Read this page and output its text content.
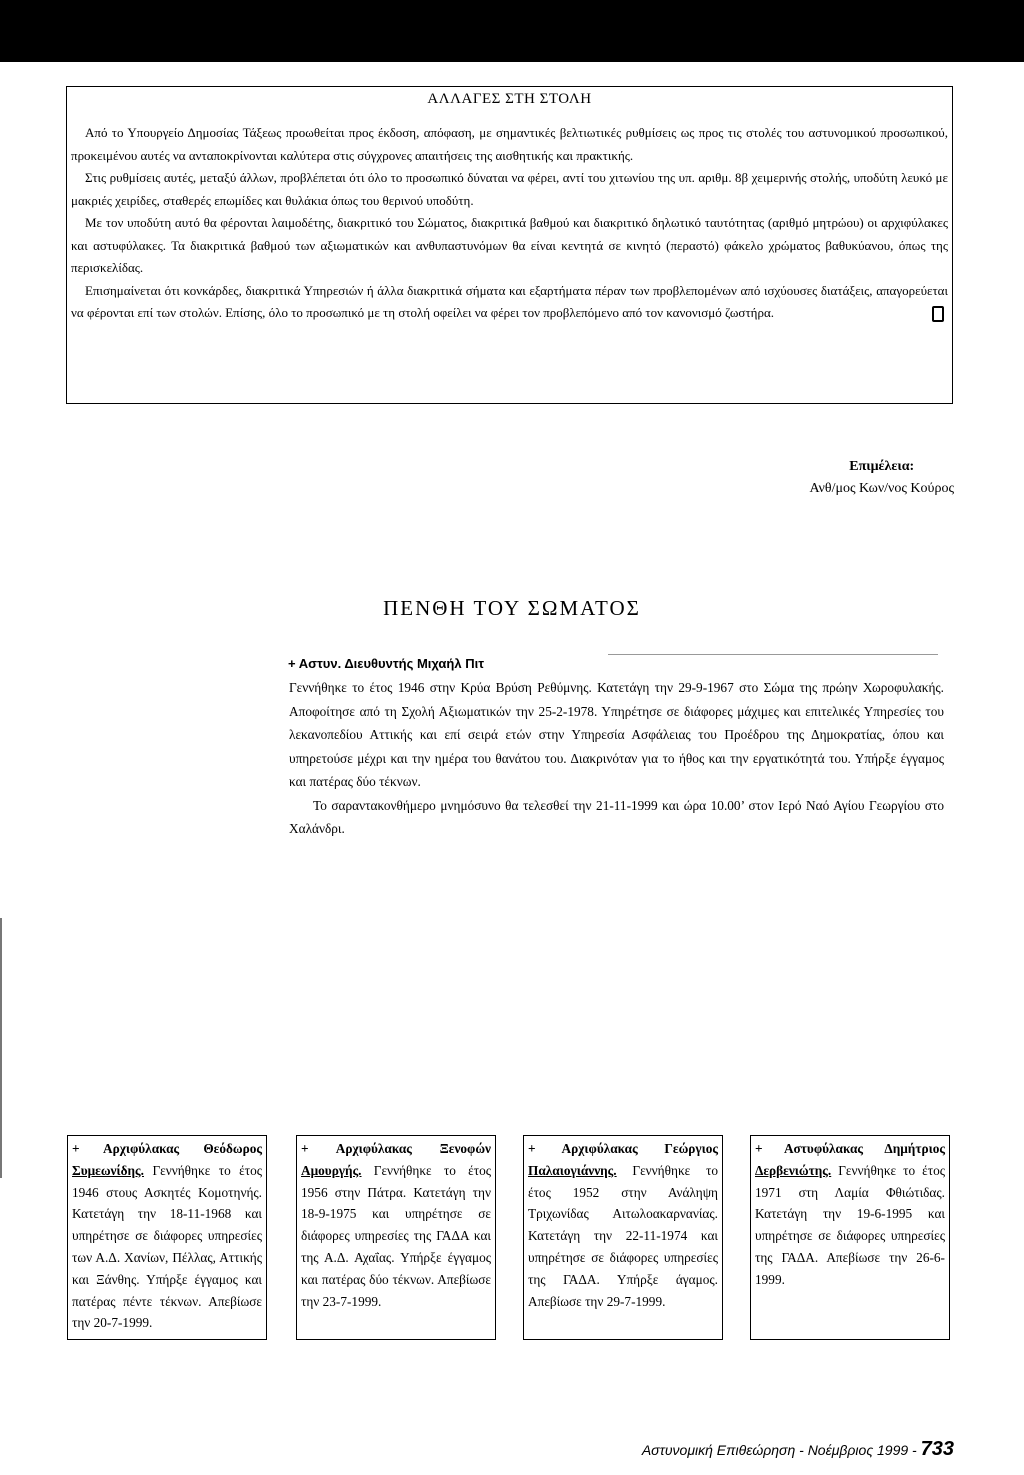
ΑΛΛΑΓΕΣ ΣΤΗ ΣΤΟΛΗ

Από το Υπουργείο Δημοσίας Τάξεως προωθείται προς έκδοση, απόφαση, με σημαντικές βελτιωτικές ρυθμίσεις ως προς τις στολές του αστυνομικού προσωπικού, προκειμένου αυτές να ανταποκρίνονται καλύτερα στις σύγχρονες απαιτήσεις της αισθητικής και πρακτικής.

Στις ρυθμίσεις αυτές, μεταξύ άλλων, προβλέπεται ότι όλο το προσωπικό δύναται να φέρει, αντί του χιτωνίου της υπ. αριθμ. 8β χειμερινής στολής, υποδύτη λευκό με μακριές χειρίδες, σταθερές επωμίδες και θυλάκια όπως του θερινού υποδύτη.

Με τον υποδύτη αυτό θα φέρονται λαιμοδέτης, διακριτικό του Σώματος, διακριτικά βαθμού και διακριτικό δηλωτικό ταυτότητας (αριθμό μητρώου) οι αρχιφύλακες και αστυφύλακες. Τα διακριτικά βαθμού των αξιωματικών και ανθυπαστυνόμων θα είναι κεντητά σε κινητό (περαστό) φάκελο χρώματος βαθυκύανου, όπως της περισκελίδας.

Επισημαίνεται ότι κονκάρδες, διακριτικά Υπηρεσιών ή άλλα διακριτικά σήματα και εξαρτήματα πέραν των προβλεπομένων από ισχύουσες διατάξεις, απαγορεύεται να φέρονται επί των στολών. Επίσης, όλο το προσωπικό με τη στολή οφείλει να φέρει τον προβλεπόμενο από τον κανονισμό ζωστήρα.

Επιμέλεια:
Ανθ/μος Κων/νος Κούρος
ΠΕΝΘΗ ΤΟΥ ΣΩΜΑΤΟΣ
+ Αστυν. Διευθυντής Μιχαήλ Πιτ

Γεννήθηκε το έτος 1946 στην Κρύα Βρύση Ρεθύμνης. Κατετάγη την 29-9-1967 στο Σώμα της πρώην Χωροφυλακής. Αποφοίτησε από τη Σχολή Αξιωματικών την 25-2-1978. Υπηρέτησε σε διάφορες μάχιμες και επιτελικές Υπηρεσίες του λεκανοπεδίου Αττικής και επί σειρά ετών στην Υπηρεσία Ασφάλειας του Προέδρου της Δημοκρατίας, όπου και υπηρετούσε μέχρι και την ημέρα του θανάτου του. Διακρινόταν για το ήθος και την εργατικότητά του. Υπήρξε έγγαμος και πατέρας δύο τέκνων.

Το σαραντακονθήμερο μνημόσυνο θα τελεσθεί την 21-11-1999 και ώρα 10.00’ στον Ιερό Ναό Αγίου Γεωργίου στο Χαλάνδρι.

+ Αρχιφύλακας Θεόδωρος Συμεωνίδης. Γεννήθηκε το έτος 1946 στους Ασκητές Κομοτηνής. Κατετάγη την 18-11-1968 και υπηρέτησε σε διάφορες υπηρεσίες των Α.Δ. Χανίων, Πέλλας, Αττικής και Ξάνθης. Υπήρξε έγγαμος και πατέρας πέντε τέκνων. Απεβίωσε την 20-7-1999.
+ Αρχιφύλακας Ξενοφών Αμουργής. Γεννήθηκε το έτος 1956 στην Πάτρα. Κατετάγη την 18-9-1975 και υπηρέτησε σε διάφορες υπηρεσίες της ΓΑΔΑ και της Α.Δ. Αχαΐας. Υπήρξε έγγαμος και πατέρας δύο τέκνων. Απεβίωσε την 23-7-1999.
+ Αρχιφύλακας Γεώργιος Παλαιογιάννης. Γεννήθηκε το έτος 1952 στην Ανάληψη Τριχωνίδας Αιτωλοακαρνανίας. Κατετάγη την 22-11-1974 και υπηρέτησε σε διάφορες υπηρεσίες της ΓΑΔΑ. Υπήρξε άγαμος. Απεβίωσε την 29-7-1999.
+ Αστυφύλακας Δημήτριος Δερβενιώτης. Γεννήθηκε το έτος 1971 στη Λαμία Φθιώτιδας. Κατετάγη την 19-6-1995 και υπηρέτησε σε διάφορες υπηρεσίες της ΓΑΔΑ. Απεβίωσε την 26-6-1999.
Αστυνομική Επιθεώρηση - Νοέμβριος 1999 - 733
